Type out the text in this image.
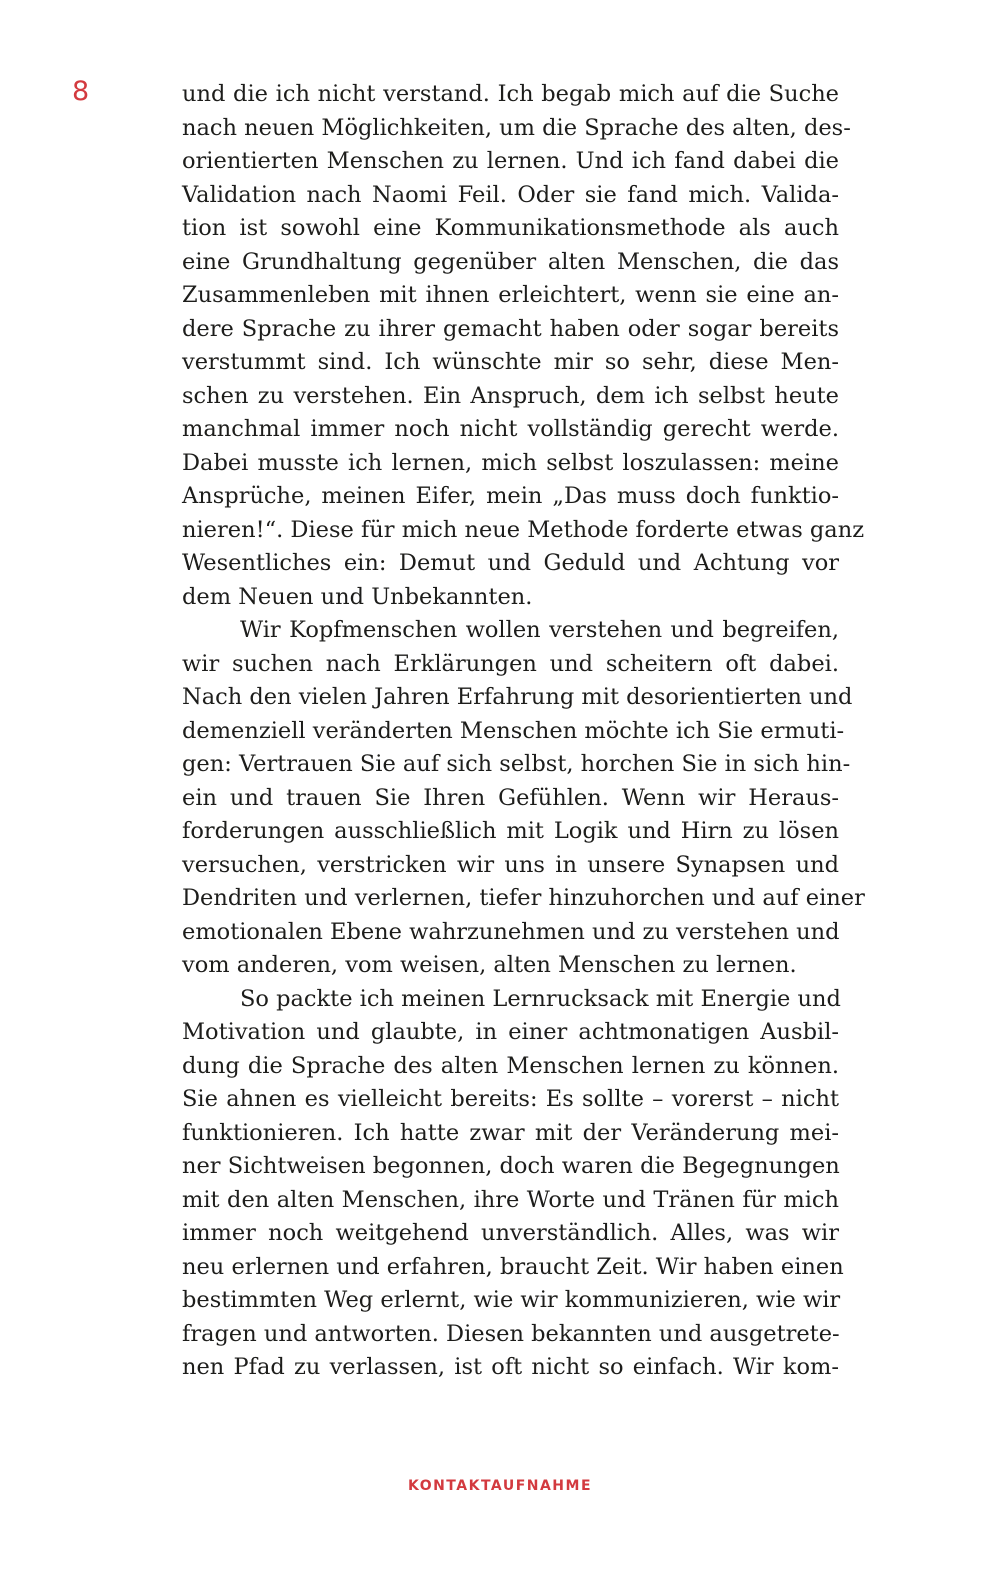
8	und die ich nicht verstand. Ich begab mich auf die Suche
nach neuen Möglichkeiten, um die Sprache des alten, des-
orientierten Menschen zu lernen. Und ich fand dabei die
Validation nach Naomi Feil. Oder sie fand mich. Valida-
tion ist sowohl eine Kommunikationsmethode als auch
eine Grundhaltung gegenüber alten Menschen, die das
Zusammenleben mit ihnen erleichtert, wenn sie eine an-
dere Sprache zu ihrer gemacht haben oder sogar bereits
verstummt sind. Ich wünschte mir so sehr, diese Men-
schen zu verstehen. Ein Anspruch, dem ich selbst heute
manchmal immer noch nicht vollständig gerecht werde.
Dabei musste ich lernen, mich selbst loszulassen: meine
Ansprüche, meinen Eifer, mein „Das muss doch funktio-
nieren!“. Diese für mich neue Methode forderte etwas ganz
Wesentliches ein: Demut und Geduld und Achtung vor
dem Neuen und Unbekannten.
Wir Kopfmenschen wollen verstehen und begreifen,
wir suchen nach Erklärungen und scheitern oft dabei.
Nach den vielen Jahren Erfahrung mit desorientierten und
demenziell veränderten Menschen möchte ich Sie ermuti-
gen: Vertrauen Sie auf sich selbst, horchen Sie in sich hin-
ein und trauen Sie Ihren Gefühlen. Wenn wir Heraus-
forderungen ausschließlich mit Logik und Hirn zu lösen
versuchen, verstricken wir uns in unsere Synapsen und
Dendriten und verlernen, tiefer hinzuhorchen und auf einer
emotionalen Ebene wahrzunehmen und zu verstehen und
vom anderen, vom weisen, alten Menschen zu lernen.
So packte ich meinen Lernrucksack mit Energie und
Motivation und glaubte, in einer achtmonatigen Ausbil-
dung die Sprache des alten Menschen lernen zu können.
Sie ahnen es vielleicht bereits: Es sollte – vorerst – nicht
funktionieren. Ich hatte zwar mit der Veränderung mei-
ner Sichtweisen begonnen, doch waren die Begegnungen
mit den alten Menschen, ihre Worte und Tränen für mich
immer noch weitgehend unverständlich. Alles, was wir
neu erlernen und erfahren, braucht Zeit. Wir haben einen
bestimmten Weg erlernt, wie wir kommunizieren, wie wir
fragen und antworten. Diesen bekannten und ausgetrete-
nen Pfad zu verlassen, ist oft nicht so einfach. Wir kom-
KONTAKTAUFNAHME
